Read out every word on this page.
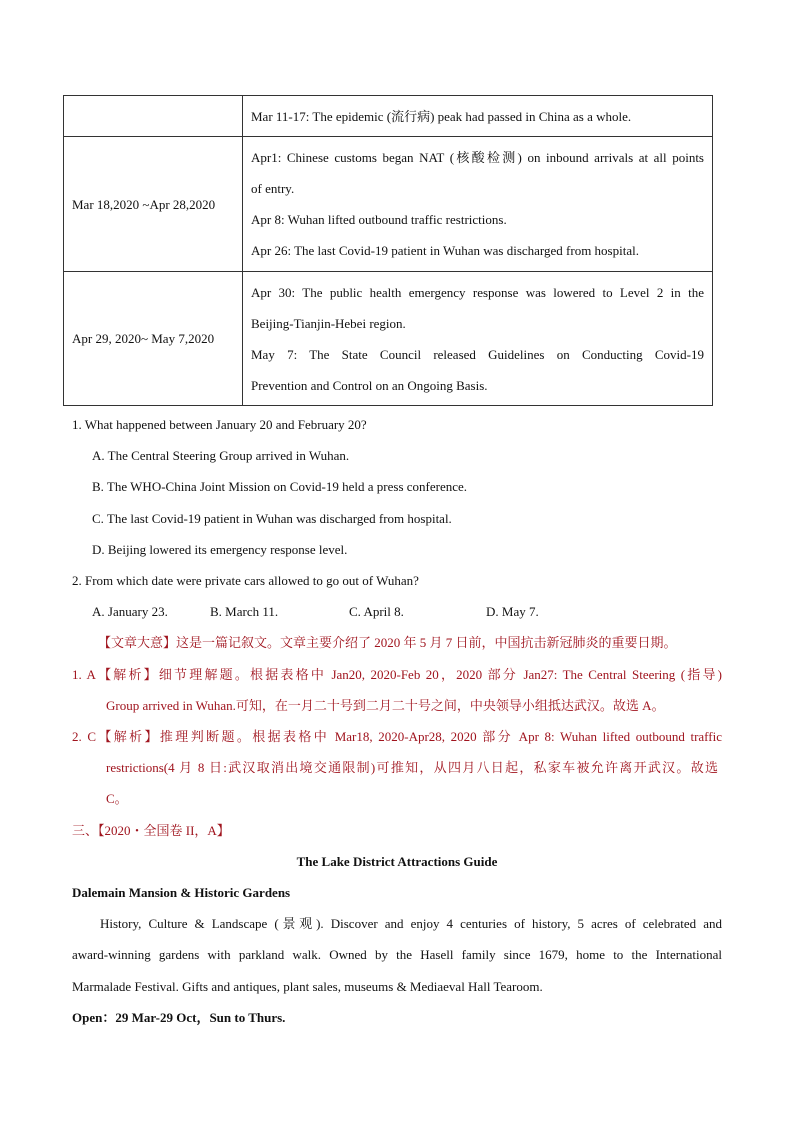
	Mar 11-17: The epidemic (流行病) peak had passed in China as a whole.

Mar 18,2020 ~Apr 28,2020	Apr1: Chinese customs began NAT (核酸检测) on inbound arrivals at all points
of entry.
Apr 8: Wuhan lifted outbound traffic restrictions.
Apr 26: The last Covid-19 patient in Wuhan was discharged from hospital.

Apr 29, 2020~ May 7,2020	Apr 30: The public health emergency response was lowered to Level 2 in the
Beijing-Tianjin-Hebei region.
May 7: The State Council released Guidelines on Conducting Covid-19
Prevention and Control on an Ongoing Basis.
1. What happened between January 20 and February 20?
A. The Central Steering Group arrived in Wuhan.
B. The WHO-China Joint Mission on Covid-19 held a press conference.
C. The last Covid-19 patient in Wuhan was discharged from hospital.
D. Beijing lowered its emergency response level.
2. From which date were private cars allowed to go out of Wuhan?
A. January 23.	B. March 11.	C. April 8.	D. May 7.
【文章大意】这是一篇记叙文。文章主要介绍了 2020 年 5 月 7 日前，中国抗击新冠肺炎的重要日期。
1. A【解析】细节理解题。根据表格中 Jan20, 2020-Feb 20，2020 部分 Jan27: The Central Steering (指导)
Group arrived in Wuhan.可知，在一月二十号到二月二十号之间，中央领导小组抵达武汉。故选 A。
2. C【解析】推理判断题。根据表格中 Mar18, 2020-Apr28, 2020 部分 Apr 8: Wuhan lifted outbound traffic
restrictions(4 月 8 日:武汉取消出境交通限制)可推知，从四月八日起，私家车被允许离开武汉。故选
C。
三、【2020・全国卷 II，A】
The Lake District Attractions Guide
Dalemain Mansion & Historic Gardens
History, Culture & Landscape (景观). Discover and enjoy 4 centuries of history, 5 acres of celebrated and
award-winning gardens with parkland walk. Owned by the Hasell family since 1679, home to the International
Marmalade Festival. Gifts and antiques, plant sales, museums & Mediaeval Hall Tearoom.
Open：29 Mar-29 Oct，Sun to Thurs.
